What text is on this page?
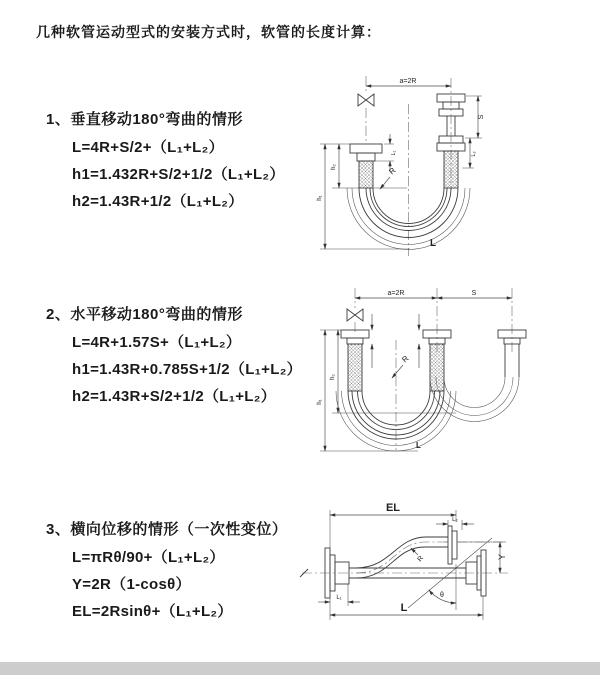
几种软管运动型式的安装方式时，软管的长度计算：
1、垂直移动180°弯曲的情形
L=4R+S/2+（L₁+L₂）
h1=1.432R+S/2+1/2（L₁+L₂）
h2=1.43R+1/2（L₁+L₂）
2、水平移动180°弯曲的情形
L=4R+1.57S+（L₁+L₂）
h1=1.43R+0.785S+1/2（L₁+L₂）
h2=1.43R+S/2+1/2（L₁+L₂）
3、横向位移的情形（一次性变位）
L=πRθ/90+（L₁+L₂）
Y=2R（1-cosθ）
EL=2Rsinθ+（L₁+L₂）
a=2R
L₁
S
L₂
h₂
h₁
R
L
a=2R	S
h₂
h₁
R
L
EL
L₂
Y
θ
R
L₁
L
